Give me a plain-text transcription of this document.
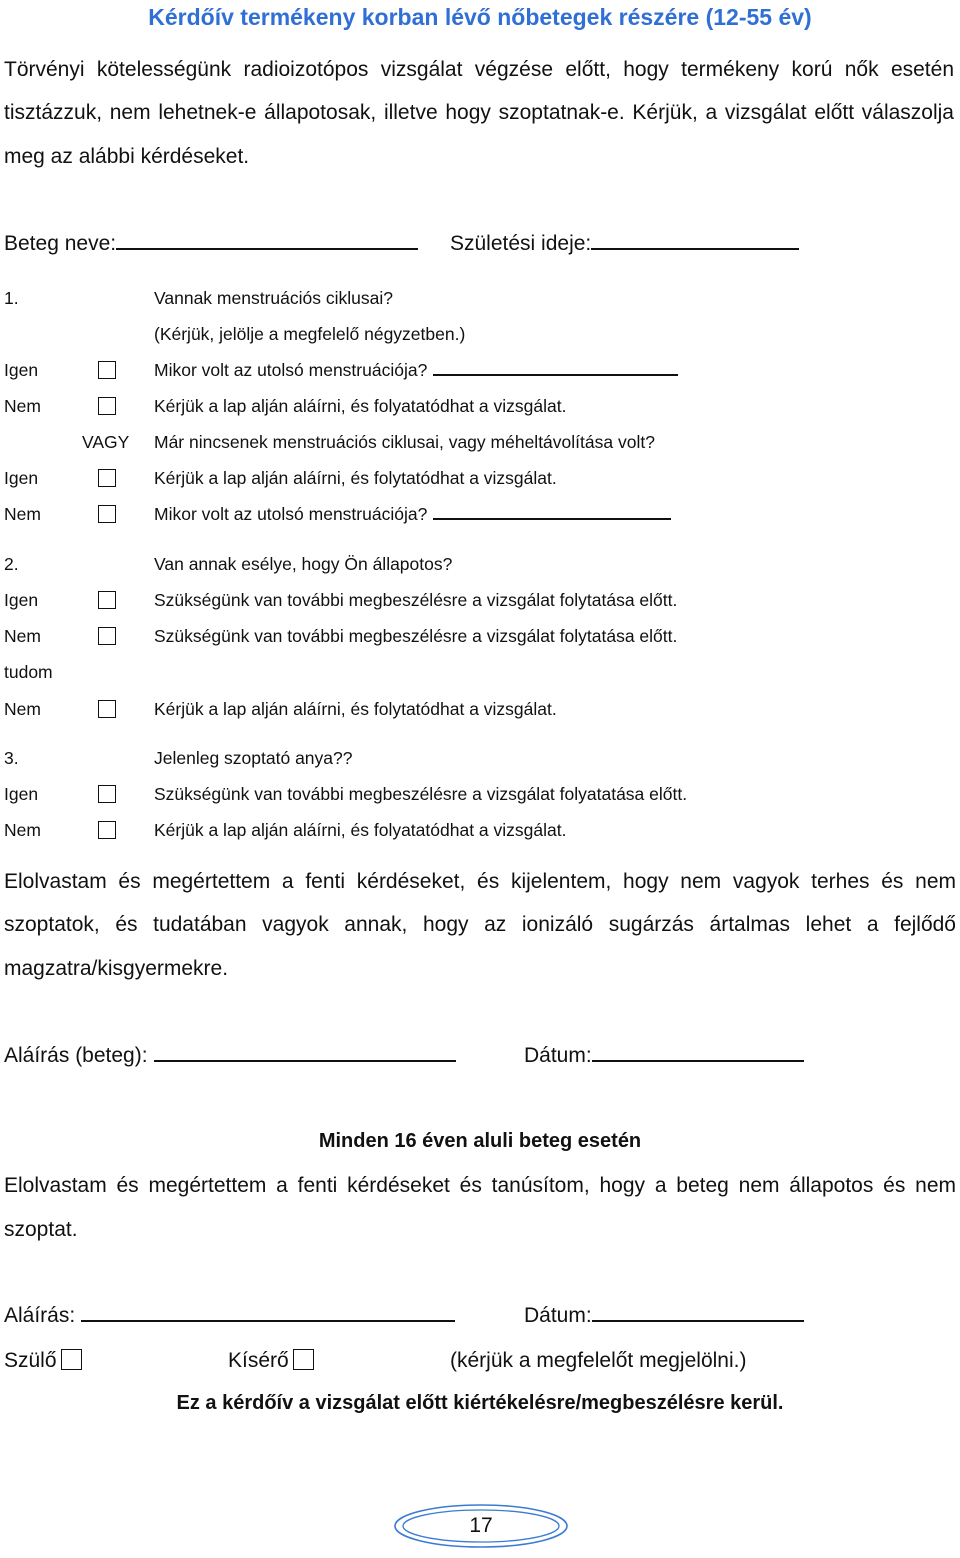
Kérdőív termékeny korban lévő nőbetegek részére (12-55 év)
Törvényi kötelességünk radioizotópos vizsgálat végzése előtt, hogy termékeny korú nők esetén
tisztázzuk, nem lehetnek-e állapotosak, illetve hogy szoptatnak-e. Kérjük, a vizsgálat előtt válaszolja
meg az alábbi kérdéseket.
Beteg neve:	Születési ideje:
1.	Vannak menstruációs ciklusai?
(Kérjük, jelölje a megfelelő négyzetben.)
Igen	Mikor volt az utolsó menstruációja?
Nem	Kérjük a lap alján aláírni, és folyatatódhat a vizsgálat.
VAGY Már nincsenek menstruációs ciklusai, vagy méheltávolítása volt?
Igen	Kérjük a lap alján aláírni, és folytatódhat a vizsgálat.
Nem	Mikor volt az utolsó menstruációja?
2.	Van annak esélye, hogy Ön állapotos?
Igen	Szükségünk van további megbeszélésre a vizsgálat folytatása előtt.
Nem	Szükségünk van további megbeszélésre a vizsgálat folytatása előtt.
tudom
Nem	Kérjük a lap alján aláírni, és folytatódhat a vizsgálat.
3.	Jelenleg szoptató anya??
Igen	Szükségünk van további megbeszélésre a vizsgálat folyatatása előtt.
Nem	Kérjük a lap alján aláírni, és folyatatódhat a vizsgálat.
Elolvastam és megértettem a fenti kérdéseket, és kijelentem, hogy nem vagyok terhes és nem
szoptatok, és tudatában vagyok annak, hogy az ionizáló sugárzás ártalmas lehet a fejlődő
magzatra/kisgyermekre.
Aláírás (beteg):	Dátum:
Minden 16 éven aluli beteg esetén
Elolvastam és megértettem a fenti kérdéseket és tanúsítom, hogy a beteg nem állapotos és nem
szoptat.
Aláírás:	Dátum:
Szülő	Kísérő	(kérjük a megfelelőt megjelölni.)
Ez a kérdőív a vizsgálat előtt kiértékelésre/megbeszélésre kerül.
17
